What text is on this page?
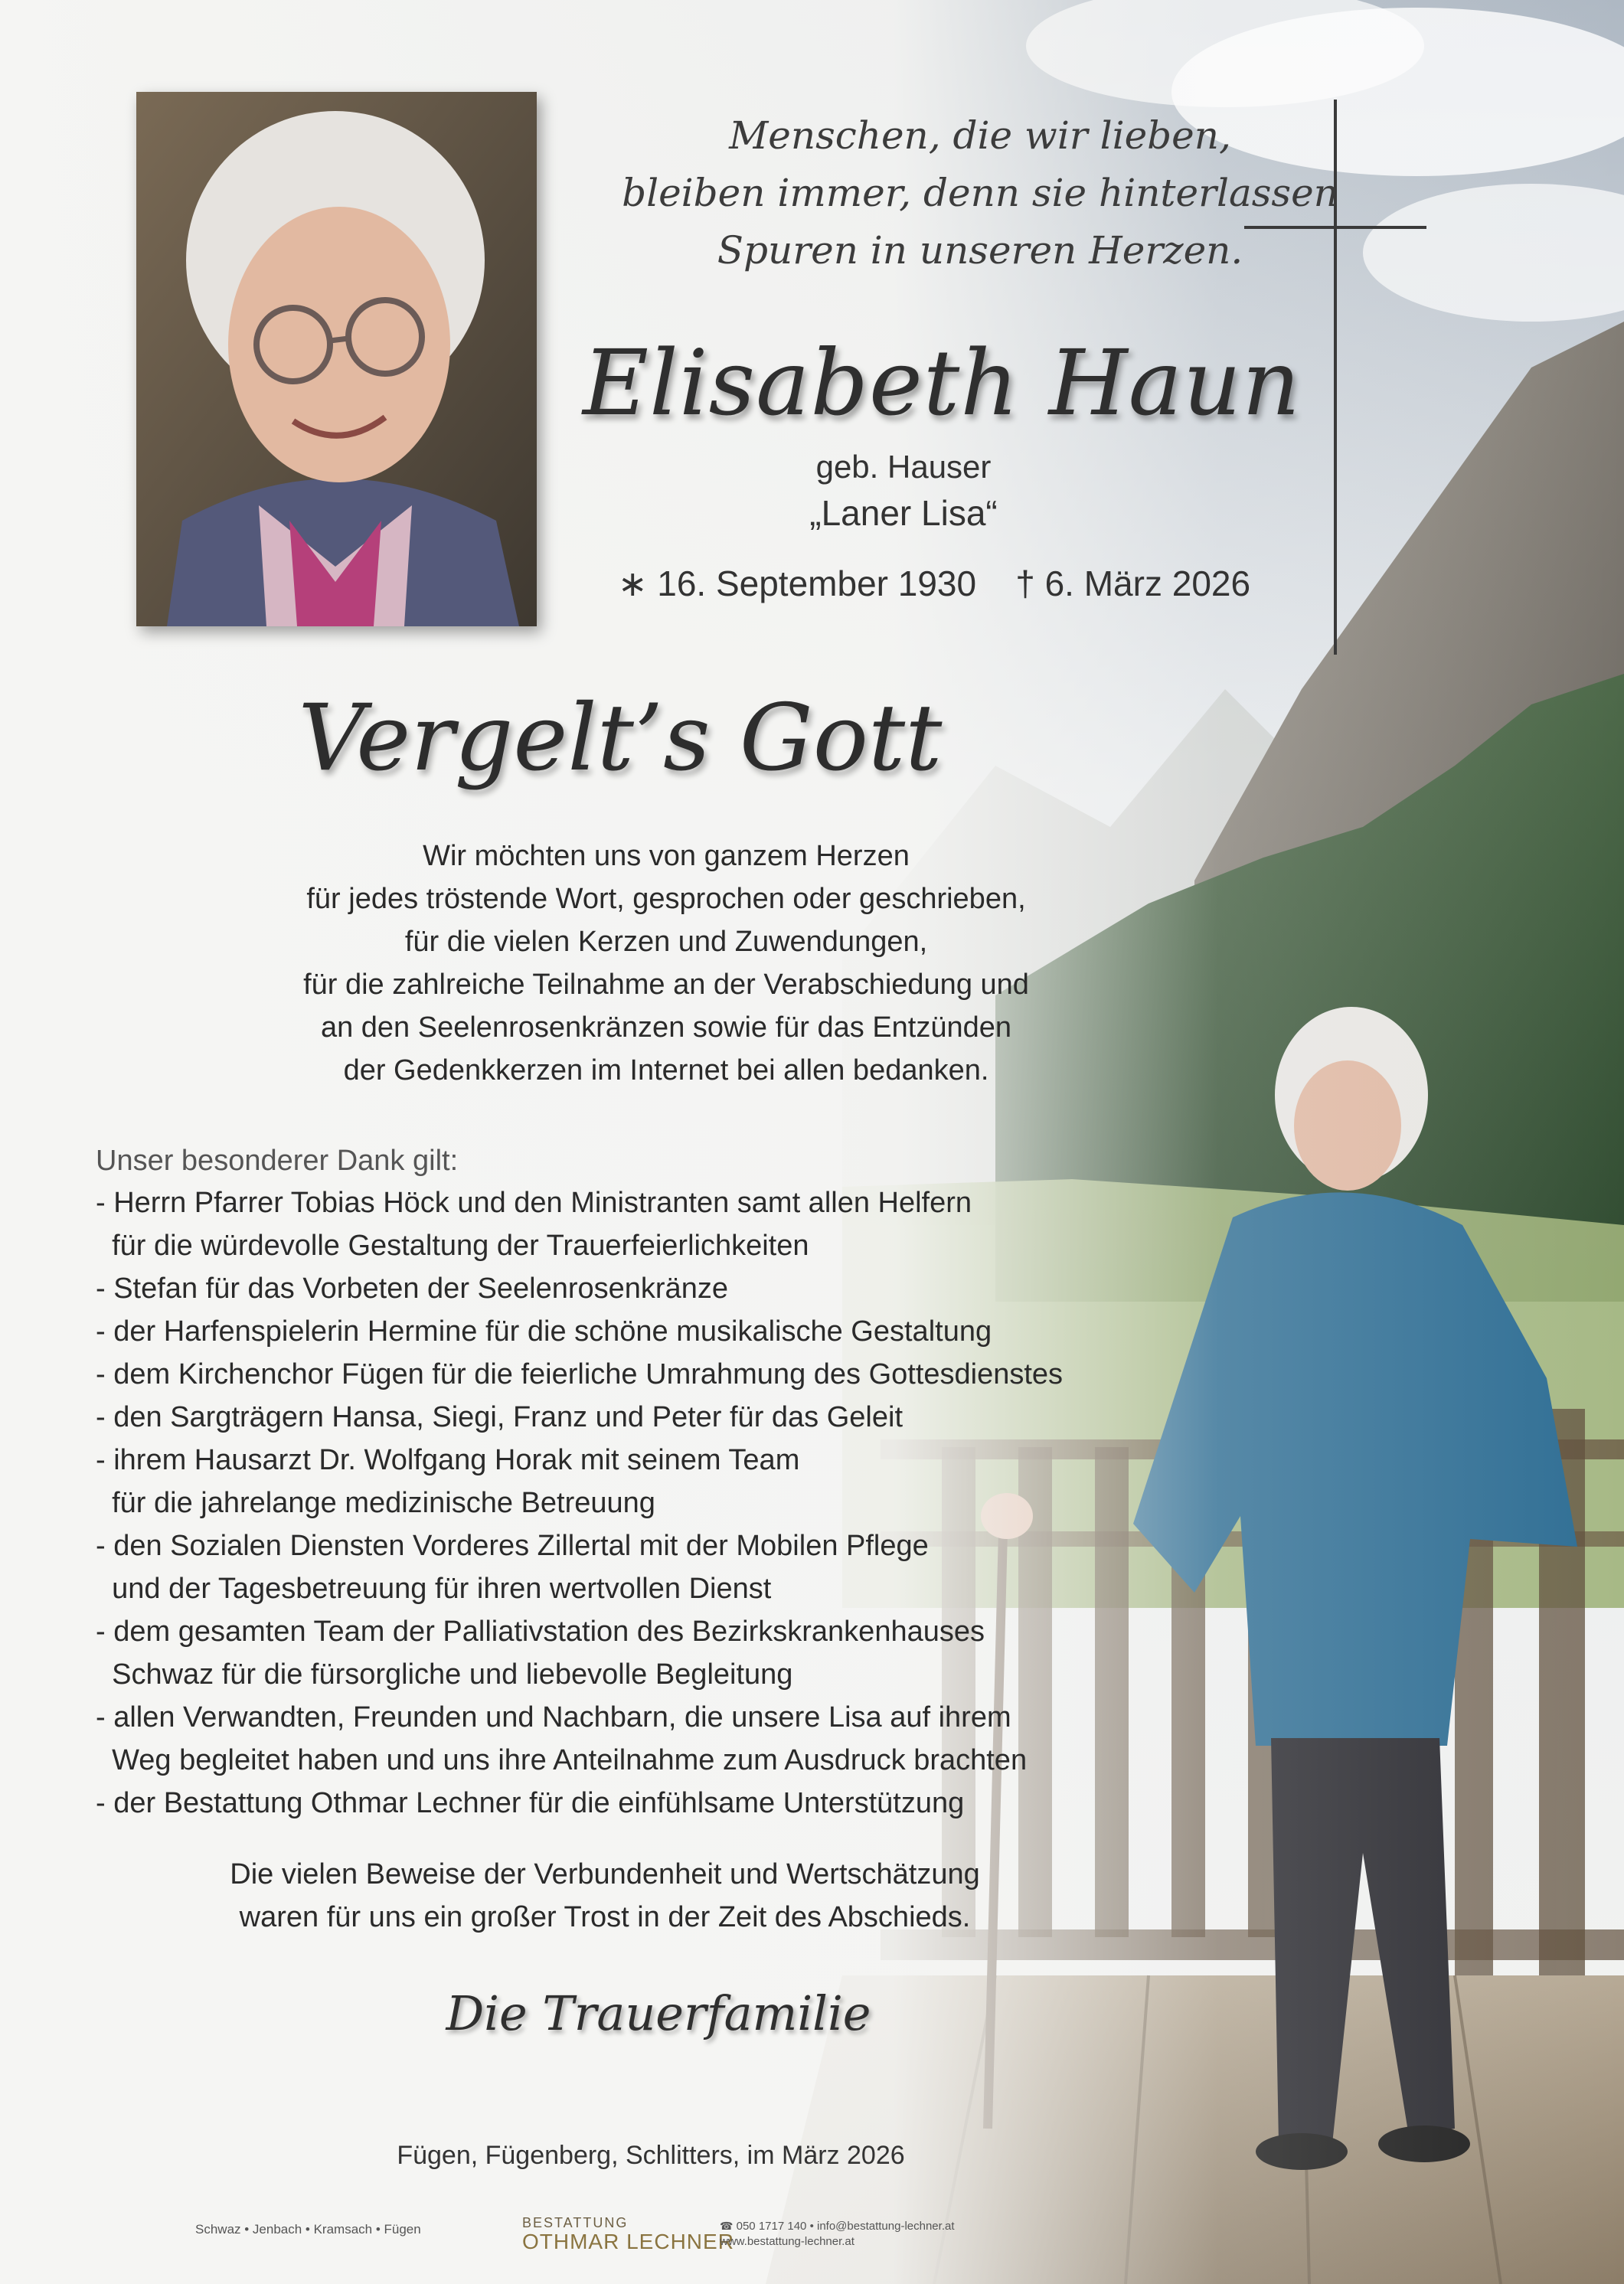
Menschen, die wir lieben,
bleiben immer, denn sie hinterlassen
Spuren in unseren Herzen.
Elisabeth Haun
geb. Hauser
„Laner Lisa“
∗ 16. September 1930 † 6. März 2026
Vergelt’s Gott
Wir möchten uns von ganzem Herzen
für jedes tröstende Wort, gesprochen oder geschrieben,
für die vielen Kerzen und Zuwendungen,
für die zahlreiche Teilnahme an der Verabschiedung und
an den Seelenrosenkränzen sowie für das Entzünden
der Gedenkkerzen im Internet bei allen bedanken.
Unser besonderer Dank gilt:
- Herrn Pfarrer Tobias Höck und den Ministranten samt allen Helfern
für die würdevolle Gestaltung der Trauerfeierlichkeiten
- Stefan für das Vorbeten der Seelenrosenkränze
- der Harfenspielerin Hermine für die schöne musikalische Gestaltung
- dem Kirchenchor Fügen für die feierliche Umrahmung des Gottesdienstes
- den Sargträgern Hansa, Siegi, Franz und Peter für das Geleit
- ihrem Hausarzt Dr. Wolfgang Horak mit seinem Team
für die jahrelange medizinische Betreuung
- den Sozialen Diensten Vorderes Zillertal mit der Mobilen Pflege
und der Tagesbetreuung für ihren wertvollen Dienst
- dem gesamten Team der Palliativstation des Bezirkskrankenhauses
Schwaz für die fürsorgliche und liebevolle Begleitung
- allen Verwandten, Freunden und Nachbarn, die unsere Lisa auf ihrem
Weg begleitet haben und uns ihre Anteilnahme zum Ausdruck brachten
- der Bestattung Othmar Lechner für die einfühlsame Unterstützung
Die vielen Beweise der Verbundenheit und Wertschätzung
waren für uns ein großer Trost in der Zeit des Abschieds.
Die Trauerfamilie
Fügen, Fügenberg, Schlitters, im März 2026
Schwaz • Jenbach • Kramsach • Fügen	BESTATTUNG
OTHMAR LECHNER
☎ 050 1717 140 • info@bestattung-lechner.at
www.bestattung-lechner.at
